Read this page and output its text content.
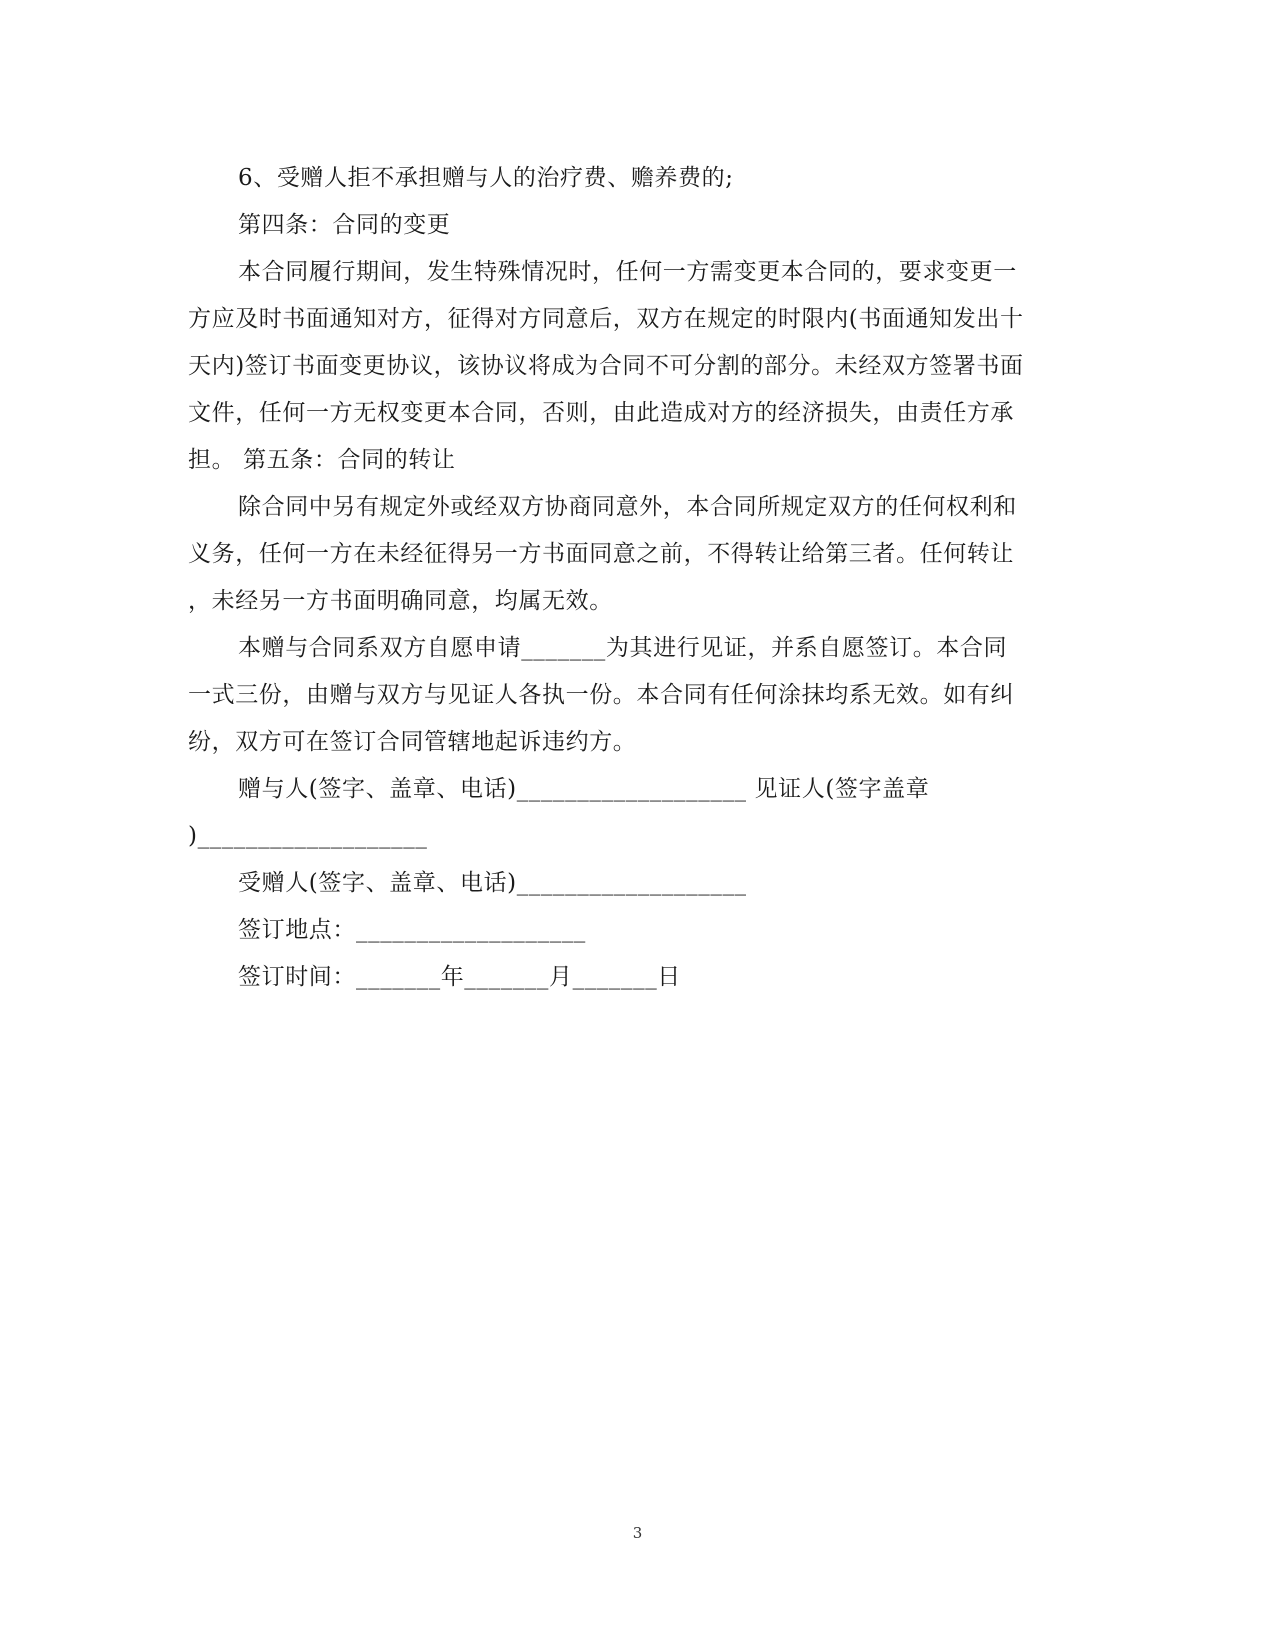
6、受赠人拒不承担赠与人的治疗费、赡养费的;
第四条：合同的变更
本合同履行期间，发生特殊情况时，任何一方需变更本合同的，要求变更一
方应及时书面通知对方，征得对方同意后，双方在规定的时限内(书面通知发出十
天内)签订书面变更协议，该协议将成为合同不可分割的部分。未经双方签署书面
文件，任何一方无权变更本合同，否则，由此造成对方的经济损失，由责任方承
担。 第五条：合同的转让
除合同中另有规定外或经双方协商同意外，本合同所规定双方的任何权利和
义务，任何一方在未经征得另一方书面同意之前，不得转让给第三者。任何转让
，未经另一方书面明确同意，均属无效。
本赠与合同系双方自愿申请_______为其进行见证，并系自愿签订。本合同
一式三份，由赠与双方与见证人各执一份。本合同有任何涂抹均系无效。如有纠
纷，双方可在签订合同管辖地起诉违约方。
赠与人(签字、盖章、电话)___________________ 见证人(签字盖章
)___________________
受赠人(签字、盖章、电话)___________________
签订地点：___________________
签订时间：_______年_______月_______日
3
